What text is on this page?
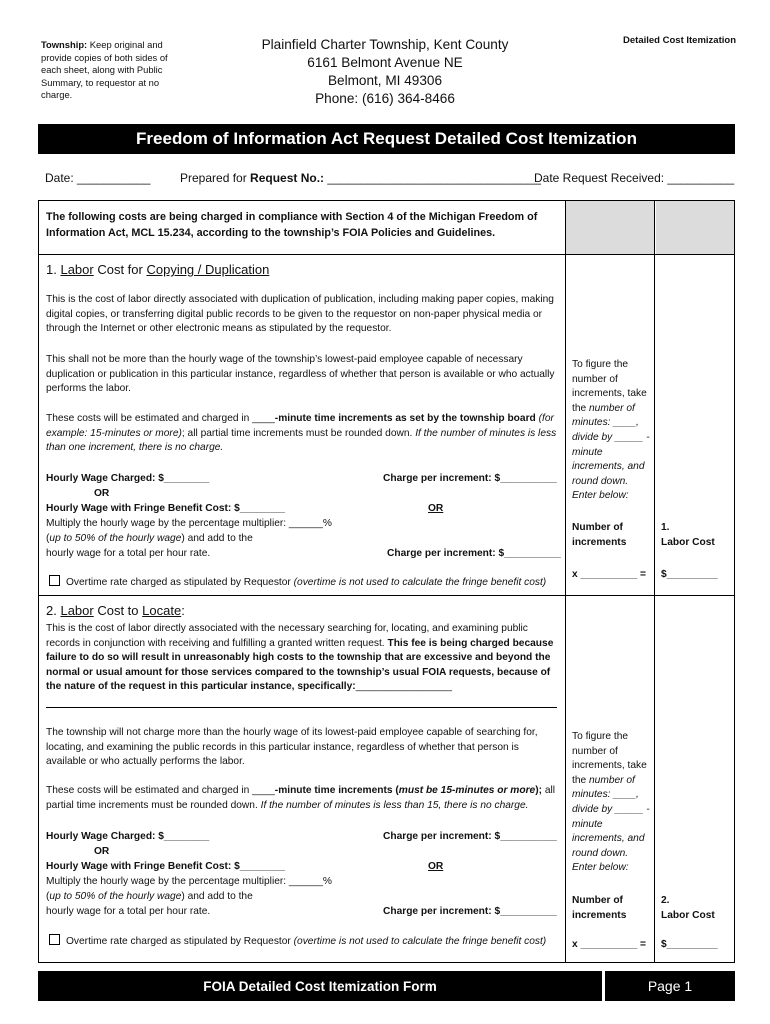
Township: Keep original and provide copies of both sides of each sheet, along with Public Summary, to requestor at no charge.
Plainfield Charter Township, Kent County
6161 Belmont Avenue NE
Belmont, MI 49306
Phone: (616) 364-8466
Detailed Cost Itemization
Freedom of Information Act Request Detailed Cost Itemization
Date: ___________ Prepared for Request No.: ________________________________
Date Request Received: __________
The following costs are being charged in compliance with Section 4 of the Michigan Freedom of Information Act, MCL 15.234, according to the township’s FOIA Policies and Guidelines.
1. Labor Cost for Copying / Duplication
This is the cost of labor directly associated with duplication of publication, including making paper copies, making digital copies, or transferring digital public records to be given to the requestor on non-paper physical media or through the Internet or other electronic means as stipulated by the requestor.
This shall not be more than the hourly wage of the township’s lowest-paid employee capable of necessary duplication or publication in this particular instance, regardless of whether that person is available or who actually performs the labor.
These costs will be estimated and charged in ____-minute time increments as set by the township board (for example: 15-minutes or more); all partial time increments must be rounded down. If the number of minutes is less than one increment, there is no charge.
Hourly Wage Charged: $________	Charge per increment: $__________
OR
Hourly Wage with Fringe Benefit Cost: $________	OR
Multiply the hourly wage by the percentage multiplier: ______%
(up to 50% of the hourly wage) and add to the
hourly wage for a total per hour rate.	Charge per increment: $__________
Overtime rate charged as stipulated by Requestor (overtime is not used to calculate the fringe benefit cost)
To figure the number of increments, take the number of minutes: ____, divide by _____ -minute increments, and round down. Enter below:
Number of increments
x __________ =
1.
Labor Cost
$_________
2. Labor Cost to Locate:
This is the cost of labor directly associated with the necessary searching for, locating, and examining public records in conjunction with receiving and fulfilling a granted written request. This fee is being charged because failure to do so will result in unreasonably high costs to the township that are excessive and beyond the normal or usual amount for those services compared to the township’s usual FOIA requests, because of the nature of the request in this particular instance, specifically:_________________
The township will not charge more than the hourly wage of its lowest-paid employee capable of searching for, locating, and examining the public records in this particular instance, regardless of whether that person is available or who actually performs the labor.
These costs will be estimated and charged in ____-minute time increments (must be 15-minutes or more); all partial time increments must be rounded down. If the number of minutes is less than 15, there is no charge.
Hourly Wage Charged: $________	Charge per increment: $__________
OR
Hourly Wage with Fringe Benefit Cost: $________	OR
Multiply the hourly wage by the percentage multiplier: ______%
(up to 50% of the hourly wage) and add to the
hourly wage for a total per hour rate.	Charge per increment: $__________
Overtime rate charged as stipulated by Requestor (overtime is not used to calculate the fringe benefit cost)
To figure the number of increments, take the number of minutes: ____, divide by _____ -minute increments, and round down. Enter below:
Number of increments
x __________ =
2.
Labor Cost
$_________
FOIA Detailed Cost Itemization Form	Page 1
